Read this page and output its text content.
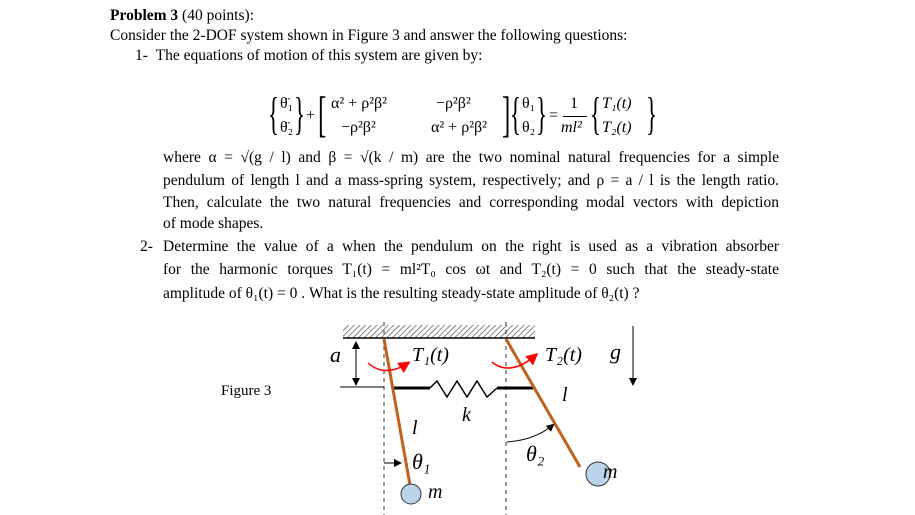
Problem 3 (40 points):
Consider the 2-DOF system shown in Figure 3 and answer the following questions:
1- The equations of motion of this system are given by:
{ θ̈₁
θ̈₂ } + [ α² + ρ²β²	−ρ²β²
−ρ²β²	α² + ρ²β² ] { θ₁
θ₂ } =
1
ml² { T₁(t)
T₂(t) }
where α = √(g / l) and β = √(k / m) are the two nominal natural frequencies for a simple
pendulum of length l and a mass-spring system, respectively; and ρ = a / l is the length ratio.
Then, calculate the two natural frequencies and corresponding modal vectors with depiction
of mode shapes.
2- Determine the value of a when the pendulum on the right is used as a vibration absorber
for the harmonic torques T₁(t) = ml²T₀ cos ωt and T₂(t) = 0 such that the steady-state
amplitude of θ₁(t) = 0 . What is the resulting steady-state amplitude of θ₂(t) ?
Figure 3
a	T₁(t)	T₂(t) g
l
l
k
θ₁	θ₂
m
m
